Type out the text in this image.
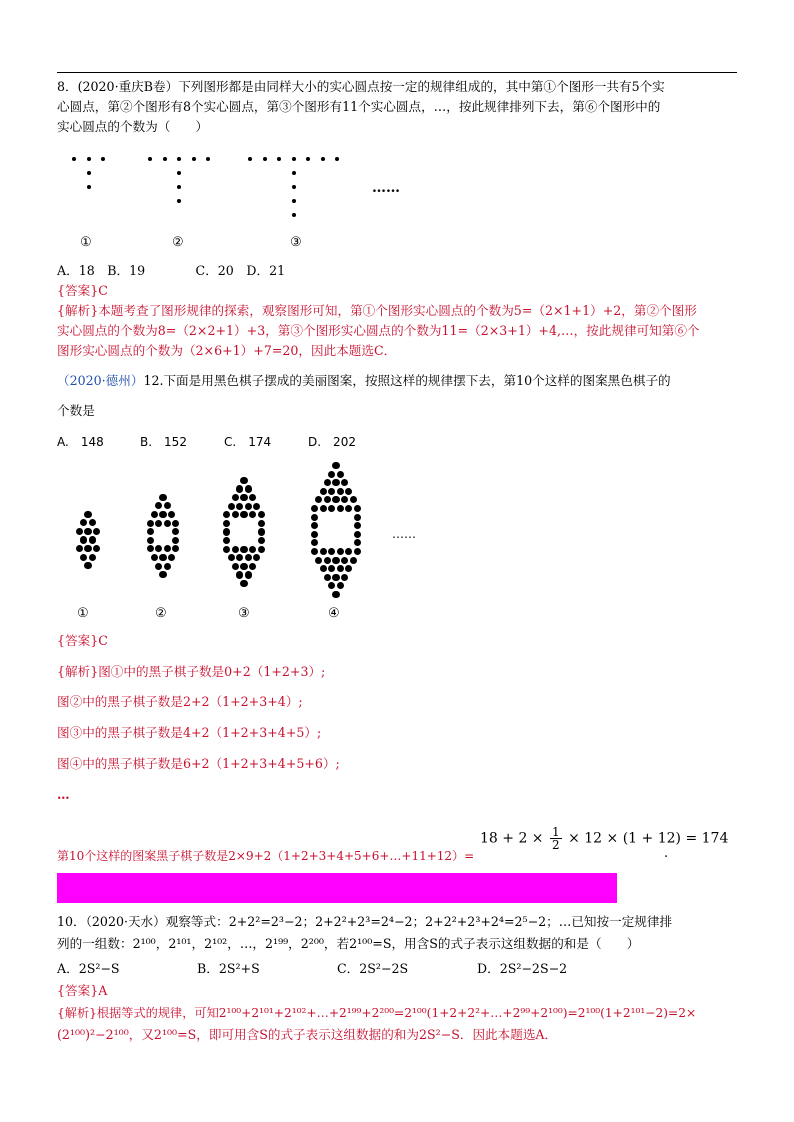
8．(2020·重庆B卷）下列图形都是由同样大小的实心圆点按一定的规律组成的，其中第①个图形一共有5个实
心圆点，第②个图形有8个实心圆点，第③个图形有11个实心圆点，…，按此规律排列下去，第⑥个图形中的
实心圆点的个数为（　　）
①	②	③
……
A．18　B．19　　　　C．20　D．21
{答案}C
{解析}本题考查了图形规律的探索，观察图形可知，第①个图形实心圆点的个数为5=（2×1+1）+2，第②个图形
实心圆点的个数为8=（2×2+1）+3，第③个图形实心圆点的个数为11=（2×3+1）+4,…，按此规律可知第⑥个
图形实心圆点的个数为（2×6+1）+7=20，因此本题选C．
（2020·德州）12.下面是用黑色棋子摆成的美丽图案，按照这样的规律摆下去，第10个这样的图案黑色棋子的
个数是
A.　148	B.　152	C.　174	D.　202
①	②	③	④
……
{答案}C
{解析}图①中的黑子棋子数是0+2（1+2+3）;
图②中的黑子棋子数是2+2（1+2+3+4）;
图③中的黑子棋子数是4+2（1+2+3+4+5）;
图④中的黑子棋子数是6+2（1+2+3+4+5+6）;
…
第10个这样的图案黑子棋子数是2×9+2（1+2+3+4+5+6+…+11+12）=
$18 + 2 \times \frac{1}{2} \times 12 \times (1 + 12) = 174$
.
10．（2020·天水）观察等式：2+2²=2³−2；2+2²+2³=2⁴−2；2+2²+2³+2⁴=2⁵−2；…已知按一定规律排
列的一组数：2¹⁰⁰，2¹⁰¹，2¹⁰²，…，2¹⁹⁹，2²⁰⁰，若2¹⁰⁰=S，用含S的式子表示这组数据的和是（　　）
A．2S²−S	B．2S²+S	C．2S²−2S	D．2S²−2S−2
{答案}A
{解析}根据等式的规律，可知2¹⁰⁰+2¹⁰¹+2¹⁰²+…+2¹⁹⁹+2²⁰⁰=2¹⁰⁰(1+2+2²+…+2⁹⁹+2¹⁰⁰)=2¹⁰⁰(1+2¹⁰¹−2)=2×
(2¹⁰⁰)²−2¹⁰⁰，又2¹⁰⁰=S，即可用含S的式子表示这组数据的和为2S²−S．因此本题选A．
